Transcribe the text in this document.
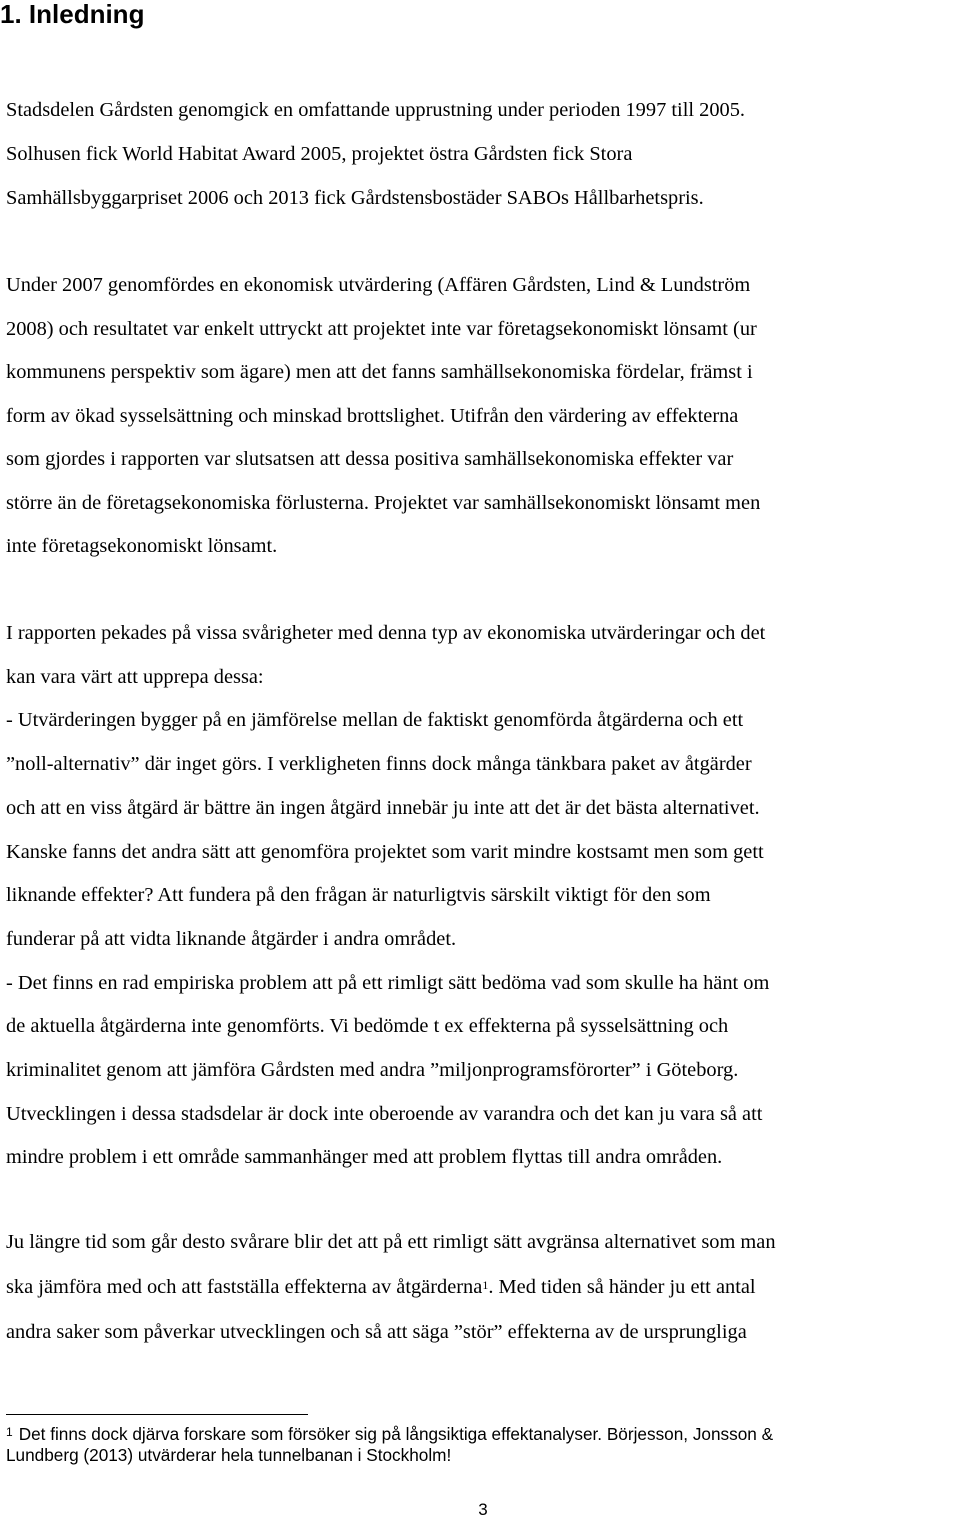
1. Inledning
Stadsdelen Gårdsten genomgick en omfattande upprustning under perioden 1997 till 2005.
Solhusen fick World Habitat Award 2005, projektet östra Gårdsten fick Stora
Samhällsbyggarpriset 2006 och 2013 fick Gårdstensbostäder SABOs Hållbarhetspris.
Under 2007 genomfördes en ekonomisk utvärdering (Affären Gårdsten, Lind & Lundström
2008) och resultatet var enkelt uttryckt att projektet inte var företagsekonomiskt lönsamt (ur
kommunens perspektiv som ägare) men att det fanns samhällsekonomiska fördelar, främst i
form av ökad sysselsättning och minskad brottslighet. Utifrån den värdering av effekterna
som gjordes i rapporten var slutsatsen att dessa positiva samhällsekonomiska effekter var
större än de företagsekonomiska förlusterna. Projektet var samhällsekonomiskt lönsamt men
inte företagsekonomiskt lönsamt.
I rapporten pekades på vissa svårigheter med denna typ av ekonomiska utvärderingar och det
kan vara värt att upprepa dessa:
- Utvärderingen bygger på en jämförelse mellan de faktiskt genomförda åtgärderna och ett
”noll-alternativ” där inget görs. I verkligheten finns dock många tänkbara paket av åtgärder
och att en viss åtgärd är bättre än ingen åtgärd innebär ju inte att det är det bästa alternativet.
Kanske fanns det andra sätt att genomföra projektet som varit mindre kostsamt men som gett
liknande effekter? Att fundera på den frågan är naturligtvis särskilt viktigt för den som
funderar på att vidta liknande åtgärder i andra området.
- Det finns en rad empiriska problem att på ett rimligt sätt bedöma vad som skulle ha hänt om
de aktuella åtgärderna inte genomförts. Vi bedömde t ex effekterna på sysselsättning och
kriminalitet genom att jämföra Gårdsten med andra ”miljonprogramsförorter” i Göteborg.
Utvecklingen i dessa stadsdelar är dock inte oberoende av varandra och det kan ju vara så att
mindre problem i ett område sammanhänger med att problem flyttas till andra områden.
Ju längre tid som går desto svårare blir det att på ett rimligt sätt avgränsa alternativet som man
ska jämföra med och att fastställa effekterna av åtgärderna$^1$. Med tiden så händer ju ett antal
andra saker som påverkar utvecklingen och så att säga ”stör” effekterna av de ursprungliga
$^1$ Det finns dock djärva forskare som försöker sig på långsiktiga effektanalyser. Börjesson, Jonsson &
Lundberg (2013) utvärderar hela tunnelbanan i Stockholm!
3
